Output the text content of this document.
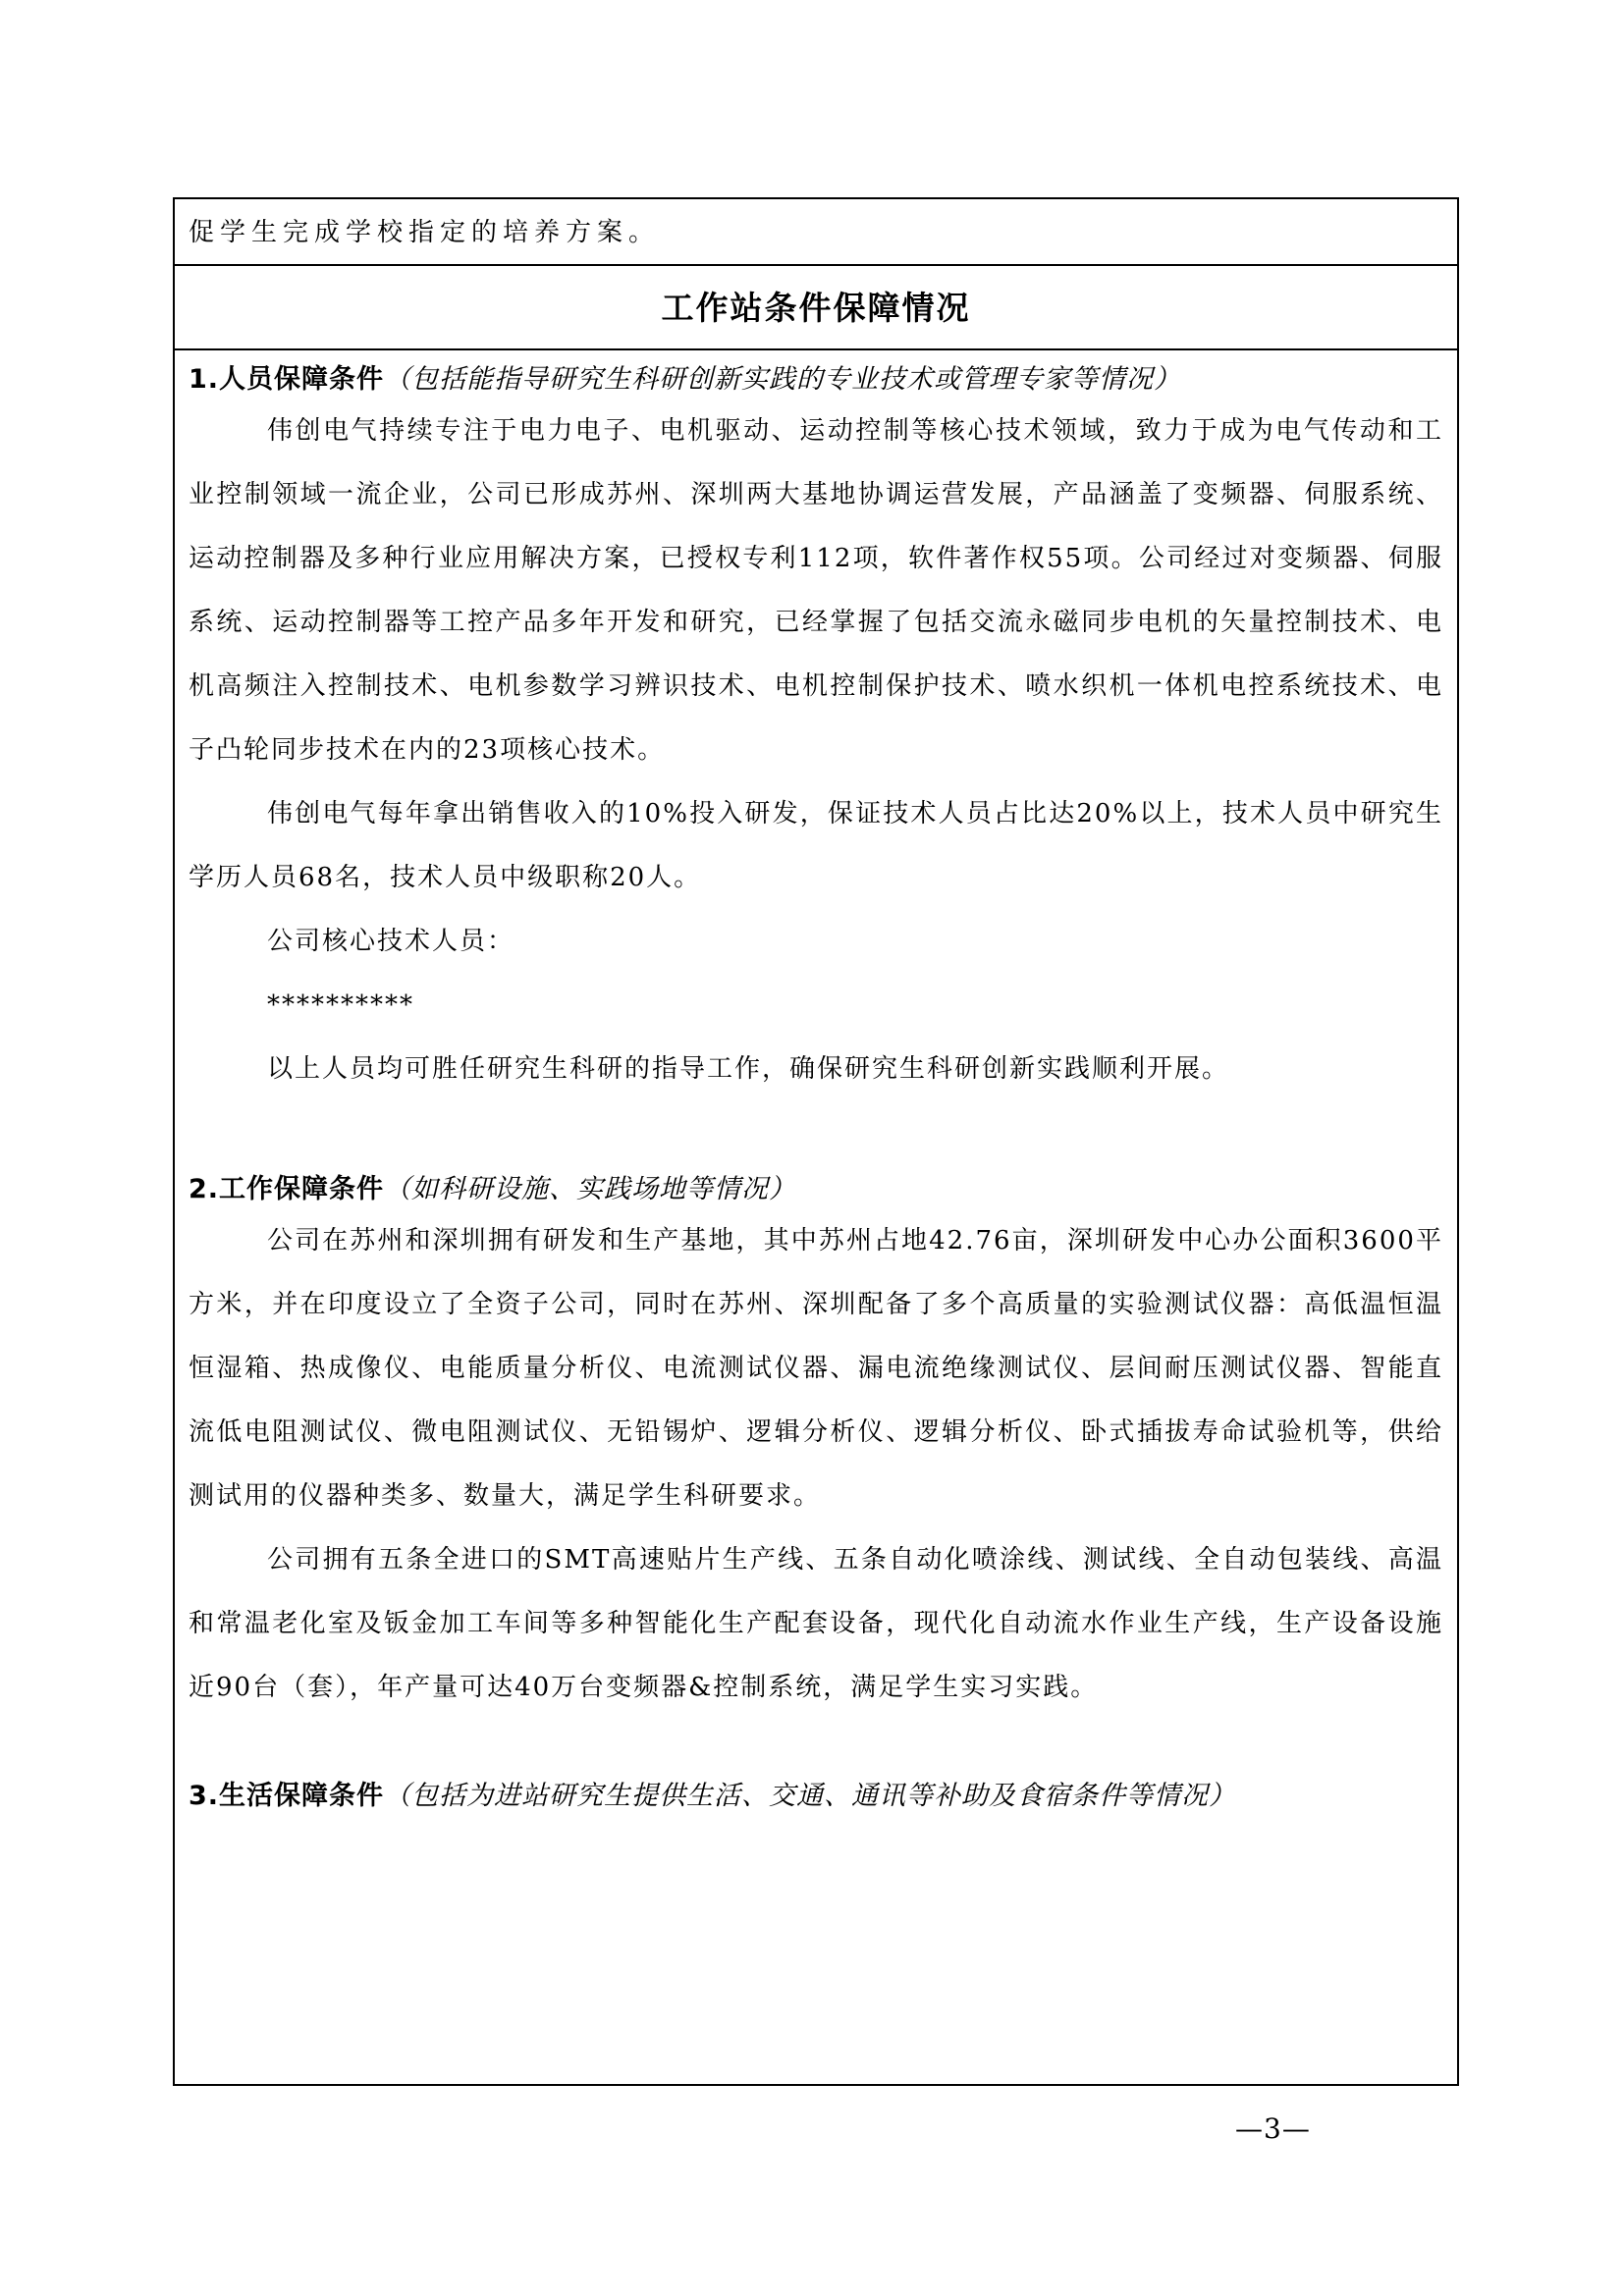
促学生完成学校指定的培养方案。
工作站条件保障情况
1.人员保障条件（包括能指导研究生科研创新实践的专业技术或管理专家等情况）

伟创电气持续专注于电力电子、电机驱动、运动控制等核心技术领域，致力于成为电气传动和工业控制领域一流企业，公司已形成苏州、深圳两大基地协调运营发展，产品涵盖了变频器、伺服系统、运动控制器及多种行业应用解决方案，已授权专利112项，软件著作权55项。公司经过对变频器、伺服系统、运动控制器等工控产品多年开发和研究，已经掌握了包括交流永磁同步电机的矢量控制技术、电机高频注入控制技术、电机参数学习辨识技术、电机控制保护技术、喷水织机一体机电控系统技术、电子凸轮同步技术在内的23项核心技术。

伟创电气每年拿出销售收入的10%投入研发，保证技术人员占比达20%以上，技术人员中研究生学历人员68名，技术人员中级职称20人。

公司核心技术人员：

**********

以上人员均可胜任研究生科研的指导工作，确保研究生科研创新实践顺利开展。

2.工作保障条件（如科研设施、实践场地等情况）

公司在苏州和深圳拥有研发和生产基地，其中苏州占地42.76亩，深圳研发中心办公面积3600平方米，并在印度设立了全资子公司，同时在苏州、深圳配备了多个高质量的实验测试仪器：高低温恒温恒湿箱、热成像仪、电能质量分析仪、电流测试仪器、漏电流绝缘测试仪、层间耐压测试仪器、智能直流低电阻测试仪、微电阻测试仪、无铅锡炉、逻辑分析仪、逻辑分析仪、卧式插拔寿命试验机等，供给测试用的仪器种类多、数量大，满足学生科研要求。

公司拥有五条全进口的SMT高速贴片生产线、五条自动化喷涂线、测试线、全自动包装线、高温和常温老化室及钣金加工车间等多种智能化生产配套设备，现代化自动流水作业生产线，生产设备设施近90台（套），年产量可达40万台变频器&控制系统，满足学生实习实践。

3.生活保障条件（包括为进站研究生提供生活、交通、通讯等补助及食宿条件等情况）
—3—
